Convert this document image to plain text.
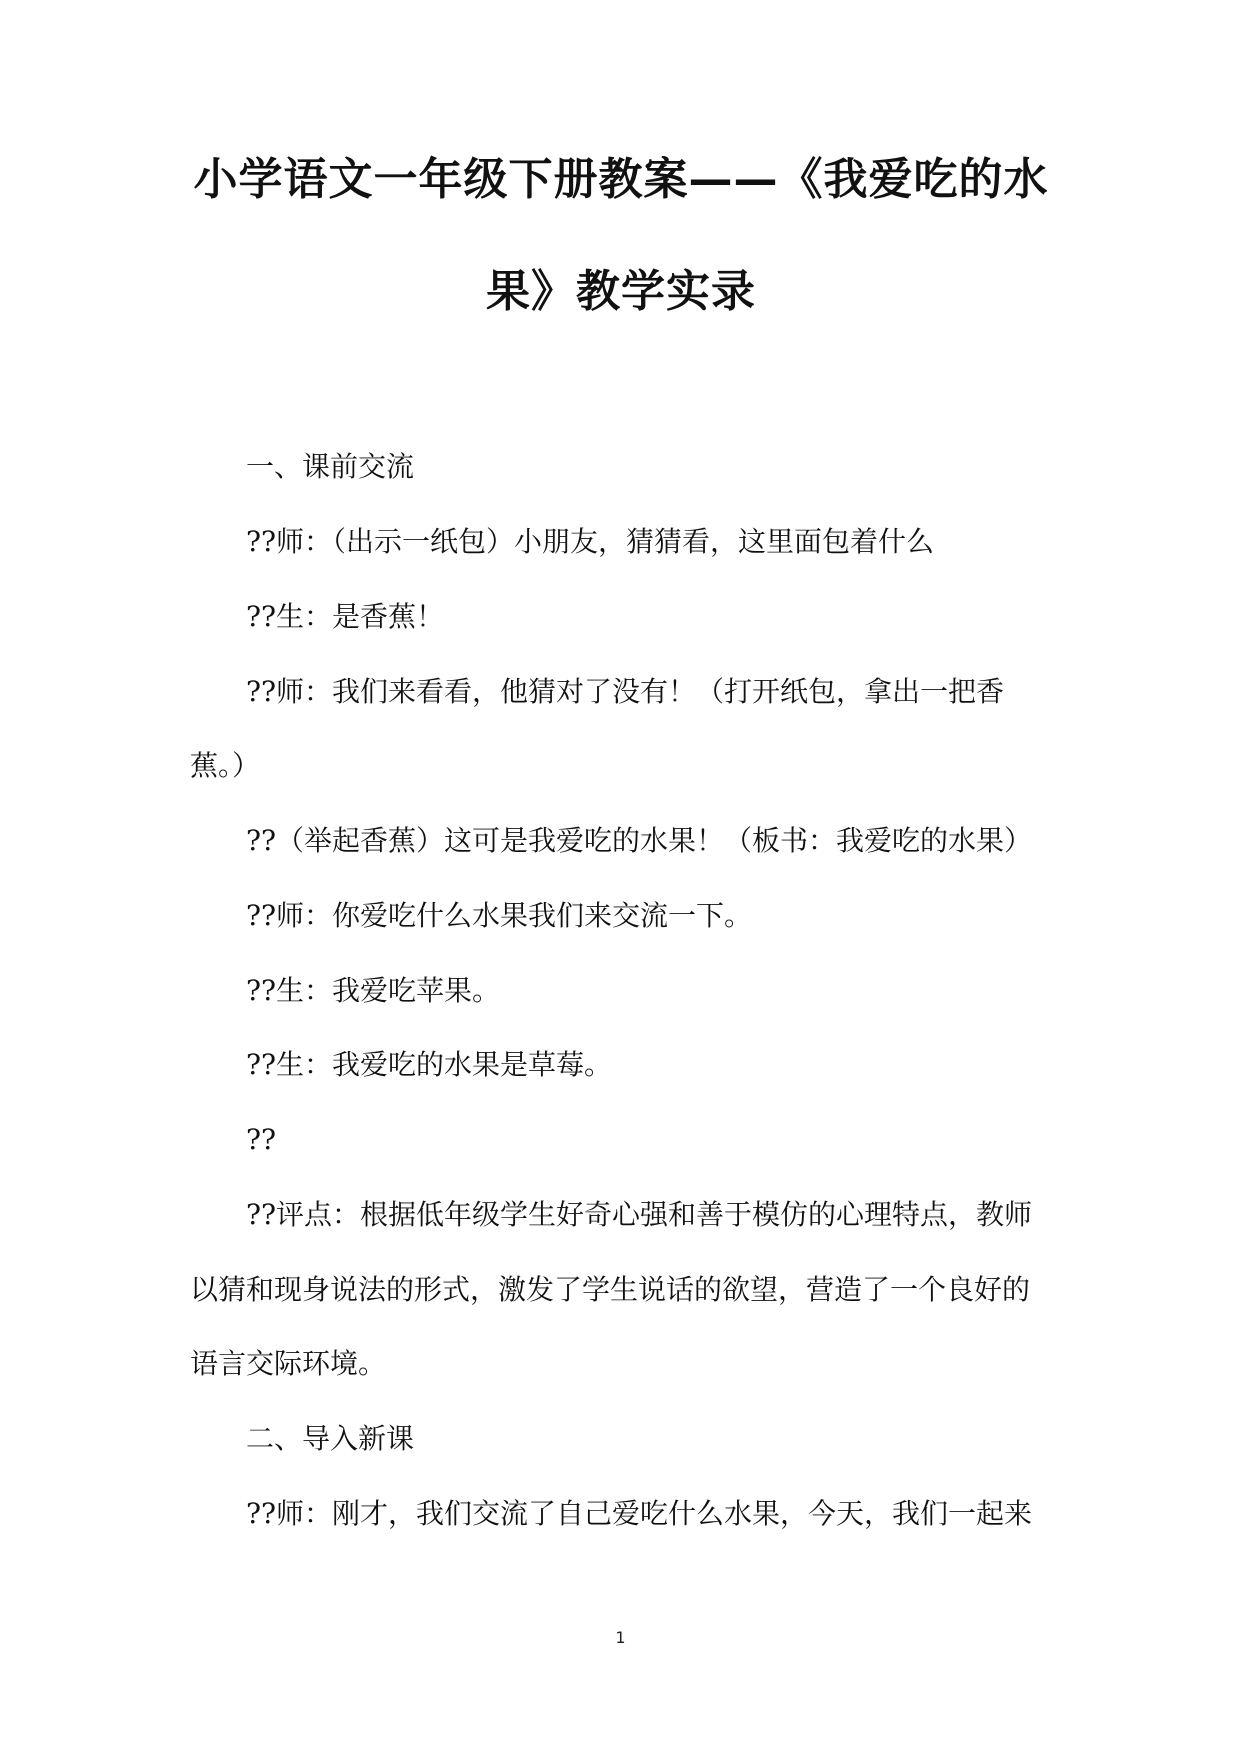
小学语文一年级下册教案——《我爱吃的水
果》教学实录

一、课前交流

??师：（出示一纸包）小朋友，猜猜看，这里面包着什么

??生：是香蕉！

??师：我们来看看，他猜对了没有！（打开纸包，拿出一把香

蕉。）

??（举起香蕉）这可是我爱吃的水果！（板书：我爱吃的水果）

??师：你爱吃什么水果我们来交流一下。

??生：我爱吃苹果。

??生：我爱吃的水果是草莓。

??

??评点：根据低年级学生好奇心强和善于模仿的心理特点，教师

以猜和现身说法的形式，激发了学生说话的欲望，营造了一个良好的

语言交际环境。

二、导入新课

??师：刚才，我们交流了自己爱吃什么水果，今天，我们一起来

1
